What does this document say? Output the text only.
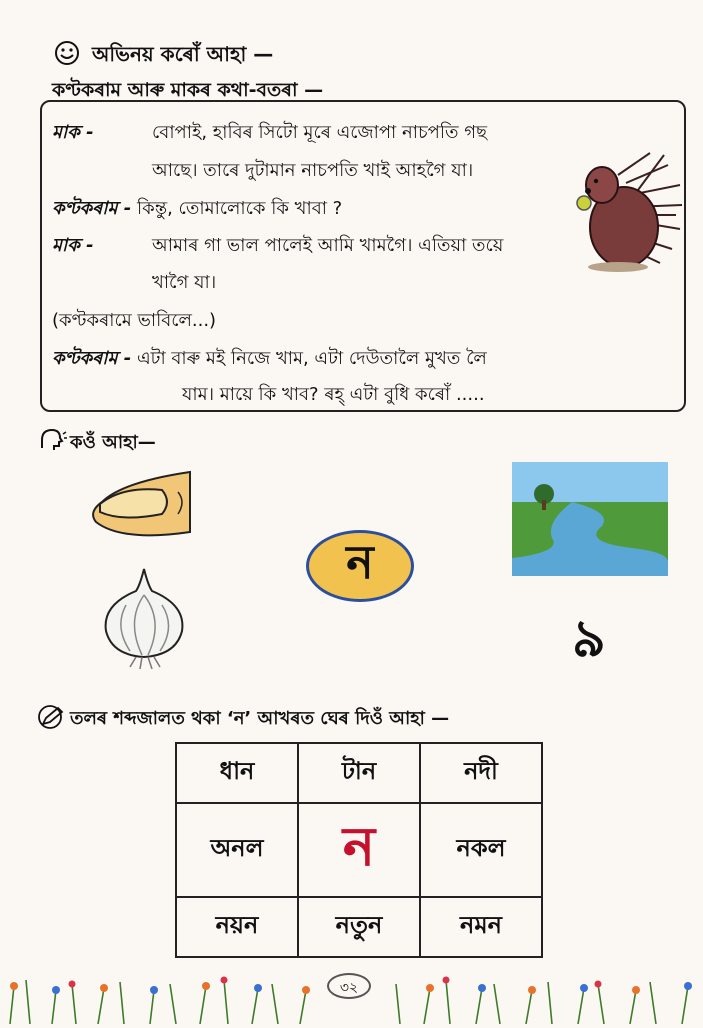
অভিনয় কৰোঁ আহা —
কণ্টকৰাম আৰু মাকৰ কথা-বতৰা —
মাক -	বোপাই, হাবিৰ সিটো মূৰে এজোপা নাচপতি গছ
আছে। তাৰে দুটামান নাচপতি খাই আহগৈ যা।
কণ্টকৰাম - কিন্তু, তোমালোকে কি খাবা ?
মাক -	আমাৰ গা ভাল পালেই আমি খামগৈ। এতিয়া তয়ে
খাগৈ যা।
(কণ্টকৰামে ভাবিলে...)
কণ্টকৰাম - এটা বাৰু মই নিজে খাম, এটা দেউতালৈ মুখত লৈ
যাম। মায়ে কি খাব? ৰহ্ এটা বুধি কৰোঁ .....
কওঁ আহা—
ন
৯
তলৰ শব্দজালত থকা ‘ন’ আখৰত ঘেৰ দিওঁ আহা —
ধান	টান	নদী
অনল	ন	নকল
নয়ন	নতুন	নমন
৩২
